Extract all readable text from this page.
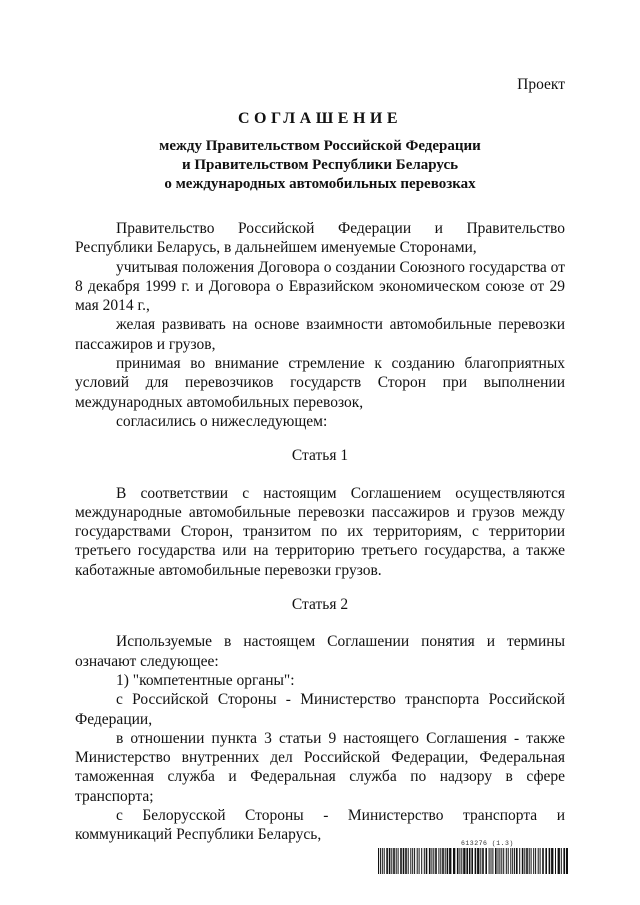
Проект
СОГЛАШЕНИЕ
между Правительством Российской Федерации
и Правительством Республики Беларусь
о международных автомобильных перевозках

Правительство Российской Федерации и Правительство Республики Беларусь, в дальнейшем именуемые Сторонами,

учитывая положения Договора о создании Союзного государства от 8 декабря 1999 г. и Договора о Евразийском экономическом союзе от 29 мая 2014 г.,

желая развивать на основе взаимности автомобильные перевозки пассажиров и грузов,

принимая во внимание стремление к созданию благоприятных условий для перевозчиков государств Сторон при выполнении международных автомобильных перевозок,

согласились о нижеследующем:

Статья 1

В соответствии с настоящим Соглашением осуществляются международные автомобильные перевозки пассажиров и грузов между государствами Сторон, транзитом по их территориям, с территории третьего государства или на территорию третьего государства, а также каботажные автомобильные перевозки грузов.

Статья 2

Используемые в настоящем Соглашении понятия и термины означают следующее:

1) "компетентные органы":

с Российской Стороны - Министерство транспорта Российской Федерации,

в отношении пункта 3 статьи 9 настоящего Соглашения - также Министерство внутренних дел Российской Федерации, Федеральная таможенная служба и Федеральная служба по надзору в сфере транспорта;

с Белорусской Стороны - Министерство транспорта и коммуникаций Республики Беларусь,

613276 (1.3)
